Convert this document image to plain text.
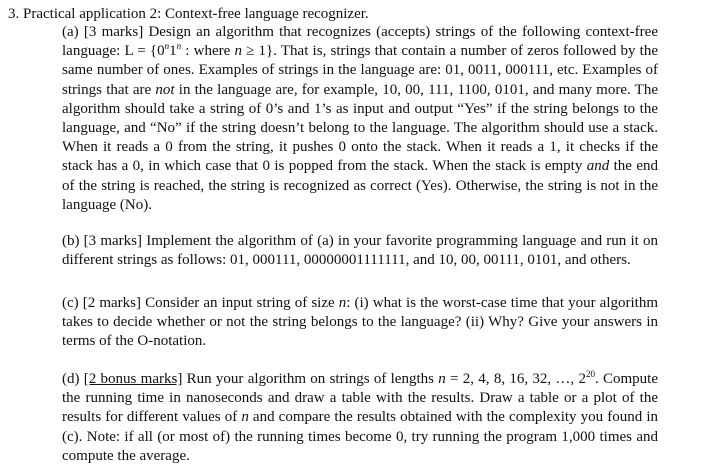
3. Practical application 2: Context-free language recognizer.
(a) [3 marks] Design an algorithm that recognizes (accepts) strings of the following context-free language: $L = \{0^n1^n$ : where n ≥ 1}. That is, strings that contain a number of zeros followed by the same number of ones. Examples of strings in the language are: 01, 0011, 000111, etc. Examples of strings that are not in the language are, for example, 10, 00, 111, 1100, 0101, and many more. The algorithm should take a string of 0’s and 1’s as input and output “Yes” if the string belongs to the language, and “No” if the string doesn’t belong to the language. The algorithm should use a stack. When it reads a 0 from the string, it pushes 0 onto the stack. When it reads a 1, it checks if the stack has a 0, in which case that 0 is popped from the stack. When the stack is empty and the end of the string is reached, the string is recognized as correct (Yes). Otherwise, the string is not in the language (No).
(b) [3 marks] Implement the algorithm of (a) in your favorite programming language and run it on different strings as follows: 01, 000111, 00000001111111, and 10, 00, 00111, 0101, and others.
(c) [2 marks] Consider an input string of size n: (i) what is the worst-case time that your algorithm takes to decide whether or not the string belongs to the language? (ii) Why? Give your answers in terms of the O-notation.
(d) [2 bonus marks] Run your algorithm on strings of lengths n = 2, 4, 8, 16, 32, …, $2^{20}$. Compute the running time in nanoseconds and draw a table with the results. Draw a table or a plot of the results for different values of n and compare the results obtained with the complexity you found in (c). Note: if all (or most of) the running times become 0, try running the program 1,000 times and compute the average.
